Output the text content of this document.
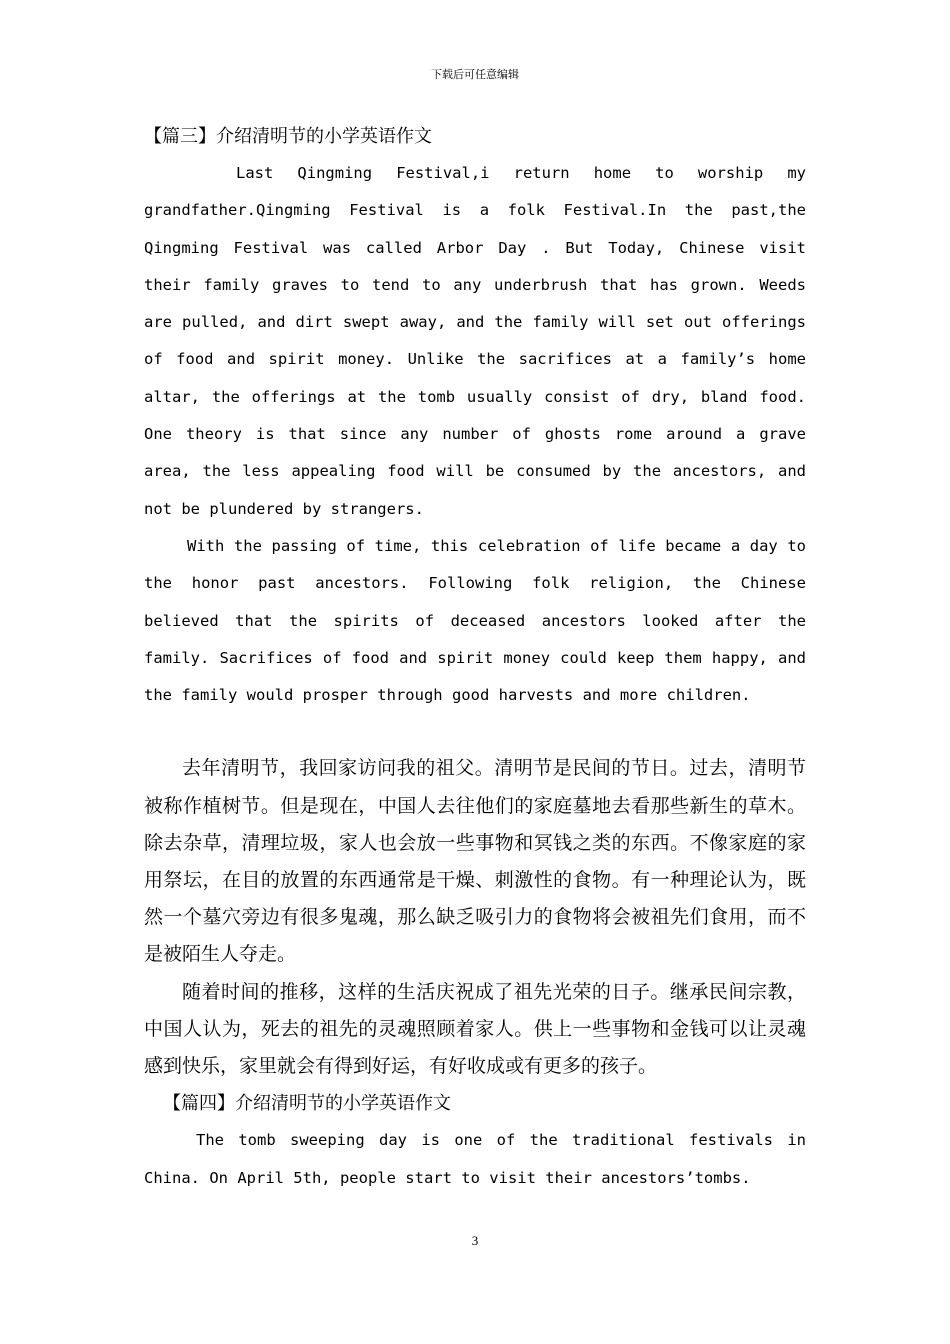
下载后可任意编辑
【篇三】介绍清明节的小学英语作文

Last Qingming Festival,i return home to worship my grandfather.Qingming Festival is a folk Festival.In the past,the Qingming Festival was called Arbor Day . But Today, Chinese visit their family graves to tend to any underbrush that has grown. Weeds are pulled, and dirt swept away, and the family will set out offerings of food and spirit money. Unlike the sacrifices at a family’s home altar, the offerings at the tomb usually consist of dry, bland food. One theory is that since any number of ghosts rome around a grave area, the less appealing food will be consumed by the ancestors, and not be plundered by strangers.

With the passing of time, this celebration of life became a day to the honor past ancestors. Following folk religion, the Chinese believed that the spirits of deceased ancestors looked after the family. Sacrifices of food and spirit money could keep them happy, and the family would prosper through good harvests and more children.

去年清明节，我回家访问我的祖父。清明节是民间的节日。过去，清明节被称作植树节。但是现在，中国人去往他们的家庭墓地去看那些新生的草木。除去杂草，清理垃圾，家人也会放一些事物和冥钱之类的东西。不像家庭的家用祭坛，在目的放置的东西通常是干燥、刺激性的食物。有一种理论认为，既然一个墓穴旁边有很多鬼魂，那么缺乏吸引力的食物将会被祖先们食用，而不是被陌生人夺走。

随着时间的推移，这样的生活庆祝成了祖先光荣的日子。继承民间宗教，中国人认为，死去的祖先的灵魂照顾着家人。供上一些事物和金钱可以让灵魂感到快乐，家里就会有得到好运，有好收成或有更多的孩子。

【篇四】介绍清明节的小学英语作文

The tomb sweeping day is one of the traditional festivals in China. On April 5th, people start to visit their ancestors’tombs.

3
